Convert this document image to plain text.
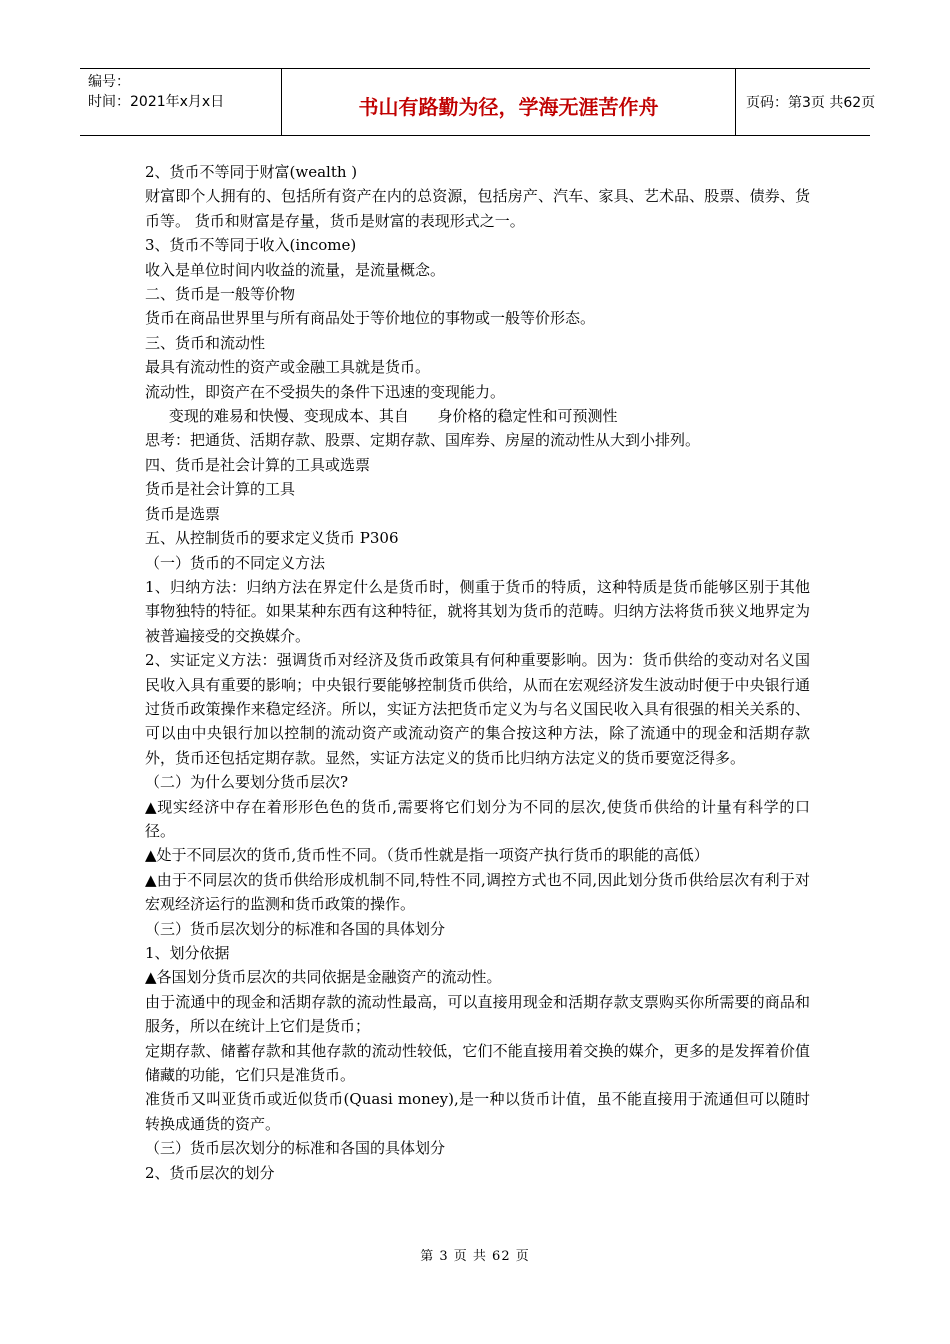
编号：
时间：2021年x月x日	书山有路勤为径，学海无涯苦作舟	页码：第3页 共62页

2、货币不等同于财富(wealth )

财富即个人拥有的、包括所有资产在内的总资源，包括房产、汽车、家具、艺术品、股票、债券、货币等。 货币和财富是存量，货币是财富的表现形式之一。

3、货币不等同于收入(income)

收入是单位时间内收益的流量，是流量概念。

二、货币是一般等价物

货币在商品世界里与所有商品处于等价地位的事物或一般等价形态。

三、货币和流动性

最具有流动性的资产或金融工具就是货币。

流动性，即资产在不受损失的条件下迅速的变现能力。

变现的难易和快慢、变现成本、其自      身价格的稳定性和可预测性

思考：把通货、活期存款、股票、定期存款、国库券、房屋的流动性从大到小排列。

四、货币是社会计算的工具或选票

货币是社会计算的工具

货币是选票

五、从控制货币的要求定义货币 P306

（一）货币的不同定义方法

1、归纳方法：归纳方法在界定什么是货币时，侧重于货币的特质，这种特质是货币能够区别于其他事物独特的特征。如果某种东西有这种特征，就将其划为货币的范畴。归纳方法将货币狭义地界定为被普遍接受的交换媒介。

2、实证定义方法：强调货币对经济及货币政策具有何种重要影响。因为：货币供给的变动对名义国民收入具有重要的影响；中央银行要能够控制货币供给，从而在宏观经济发生波动时便于中央银行通过货币政策操作来稳定经济。所以，实证方法把货币定义为与名义国民收入具有很强的相关关系的、可以由中央银行加以控制的流动资产或流动资产的集合按这种方法，除了流通中的现金和活期存款外，货币还包括定期存款。显然，实证方法定义的货币比归纳方法定义的货币要宽泛得多。

（二）为什么要划分货币层次?

▲现实经济中存在着形形色色的货币,需要将它们划分为不同的层次,使货币供给的计量有科学的口径。

▲处于不同层次的货币,货币性不同。（货币性就是指一项资产执行货币的职能的高低）

▲由于不同层次的货币供给形成机制不同,特性不同,调控方式也不同,因此划分货币供给层次有利于对宏观经济运行的监测和货币政策的操作。

（三）货币层次划分的标准和各国的具体划分

1、划分依据

▲各国划分货币层次的共同依据是金融资产的流动性。

由于流通中的现金和活期存款的流动性最高，可以直接用现金和活期存款支票购买你所需要的商品和服务，所以在统计上它们是货币；

定期存款、储蓄存款和其他存款的流动性较低，它们不能直接用着交换的媒介，更多的是发挥着价值储藏的功能，它们只是准货币。

准货币又叫亚货币或近似货币(Quasi money),是一种以货币计值，虽不能直接用于流通但可以随时转换成通货的资产。

（三）货币层次划分的标准和各国的具体划分

2、货币层次的划分

第 3 页 共 62 页
